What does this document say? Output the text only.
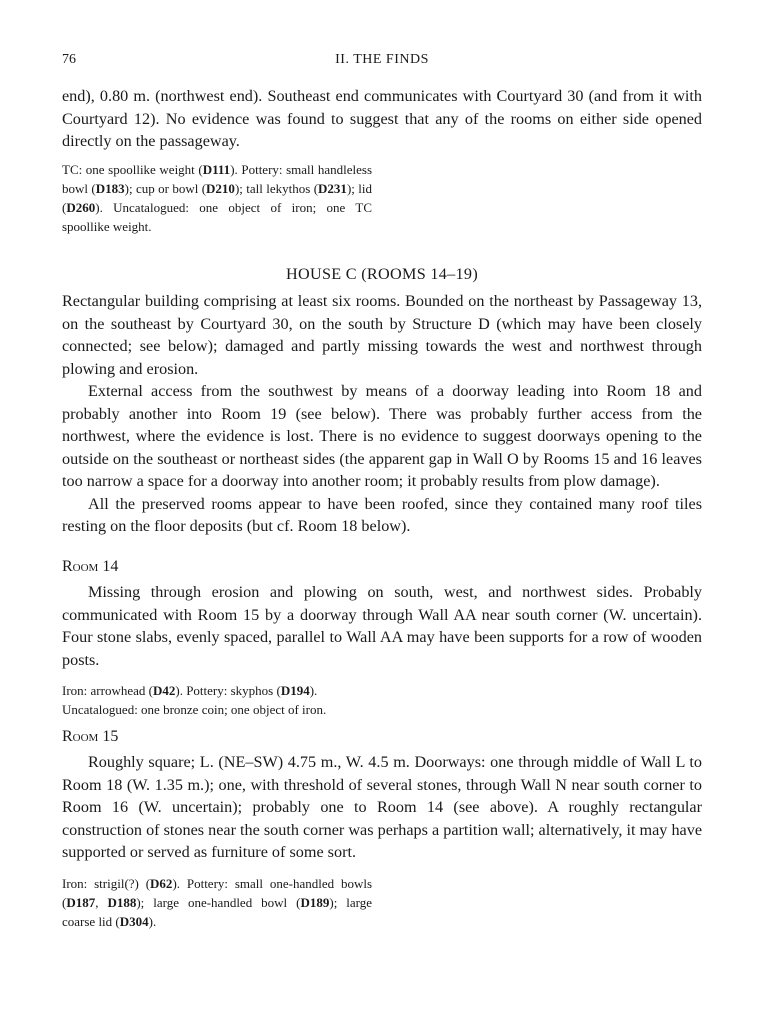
76	II. THE FINDS

end), 0.80 m. (northwest end). Southeast end communicates with Courtyard 30 (and from it with Courtyard 12). No evidence was found to suggest that any of the rooms on either side opened directly on the passageway.

TC: one spoollike weight (D111). Pottery: small handleless bowl (D183); cup or bowl (D210); tall lekythos (D231); lid (D260). Uncatalogued: one object of iron; one TC spoollike weight.

HOUSE C (ROOMS 14–19)

Rectangular building comprising at least six rooms. Bounded on the northeast by Passageway 13, on the southeast by Courtyard 30, on the south by Structure D (which may have been closely connected; see below); damaged and partly missing towards the west and northwest through plowing and erosion.

External access from the southwest by means of a doorway leading into Room 18 and probably another into Room 19 (see below). There was probably further access from the northwest, where the evidence is lost. There is no evidence to suggest doorways opening to the outside on the southeast or northeast sides (the apparent gap in Wall O by Rooms 15 and 16 leaves too narrow a space for a doorway into another room; it probably results from plow damage).

All the preserved rooms appear to have been roofed, since they contained many roof tiles resting on the floor deposits (but cf. Room 18 below).

Room 14

Missing through erosion and plowing on south, west, and northwest sides. Probably communicated with Room 15 by a doorway through Wall AA near south corner (W. uncertain). Four stone slabs, evenly spaced, parallel to Wall AA may have been supports for a row of wooden posts.

Iron: arrowhead (D42). Pottery: skyphos (D194).
Uncatalogued: one bronze coin; one object of iron.

Room 15

Roughly square; L. (NE–SW) 4.75 m., W. 4.5 m. Doorways: one through middle of Wall L to Room 18 (W. 1.35 m.); one, with threshold of several stones, through Wall N near south corner to Room 16 (W. uncertain); probably one to Room 14 (see above). A roughly rectangular construction of stones near the south corner was perhaps a partition wall; alternatively, it may have supported or served as furniture of some sort.

Iron: strigil(?) (D62). Pottery: small one-handled bowls (D187, D188); large one-handled bowl (D189); large coarse lid (D304).
